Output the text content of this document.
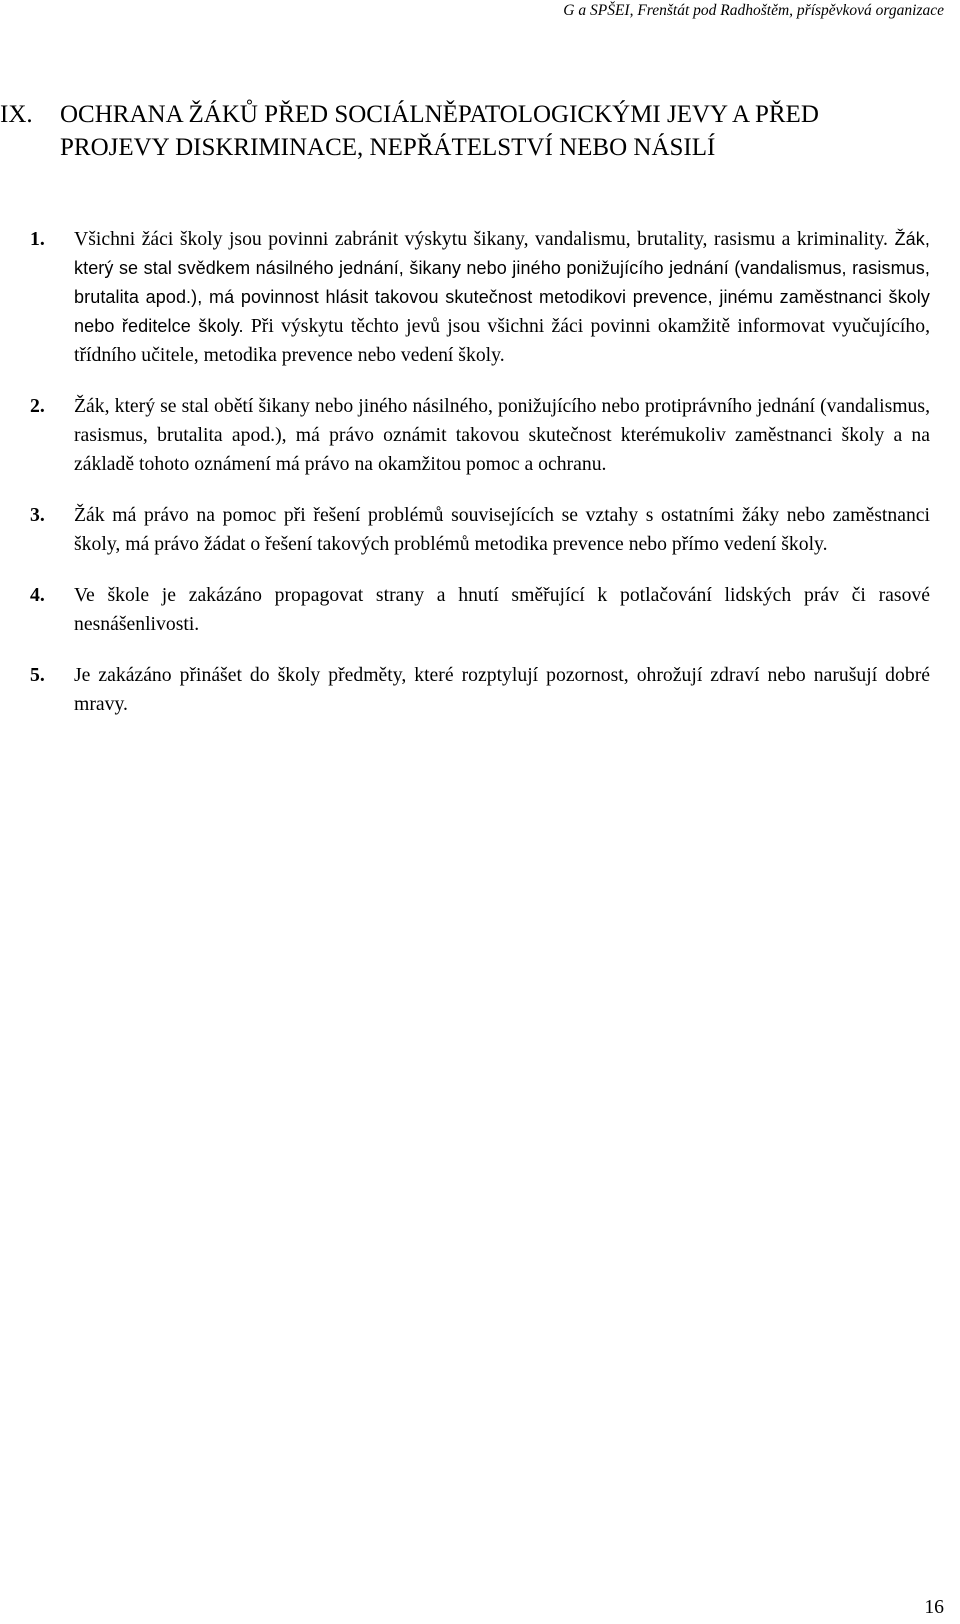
G a SPŠEI, Frenštát pod Radhoštěm, příspěvková organizace
IX. OCHRANA ŽÁKŮ PŘED SOCIÁLNĚPATOLOGICKÝMI JEVY A PŘED PROJEVY DISKRIMINACE, NEPŘÁTELSTVÍ NEBO NÁSILÍ
1. Všichni žáci školy jsou povinni zabránit výskytu šikany, vandalismu, brutality, rasismu a kriminality. Žák, který se stal svědkem násilného jednání, šikany nebo jiného ponižujícího jednání (vandalismus, rasismus, brutalita apod.), má povinnost hlásit takovou skutečnost metodikovi prevence, jinému zaměstnanci školy nebo ředitelce školy. Při výskytu těchto jevů jsou všichni žáci povinni okamžitě informovat vyučujícího, třídního učitele, metodika prevence nebo vedení školy.
2. Žák, který se stal obětí šikany nebo jiného násilného, ponižujícího nebo protiprávního jednání (vandalismus, rasismus, brutalita apod.), má právo oznámit takovou skutečnost kterémukoliv zaměstnanci školy a na základě tohoto oznámení má právo na okamžitou pomoc a ochranu.
3. Žák má právo na pomoc při řešení problémů souvisejících se vztahy s ostatními žáky nebo zaměstnanci školy, má právo žádat o řešení takových problémů metodika prevence nebo přímo vedení školy.
4. Ve škole je zakázáno propagovat strany a hnutí směřující k potlačování lidských práv či rasové nesnášenlivosti.
5. Je zakázáno přinášet do školy předměty, které rozptylují pozornost, ohrožují zdraví nebo narušují dobré mravy.
16
